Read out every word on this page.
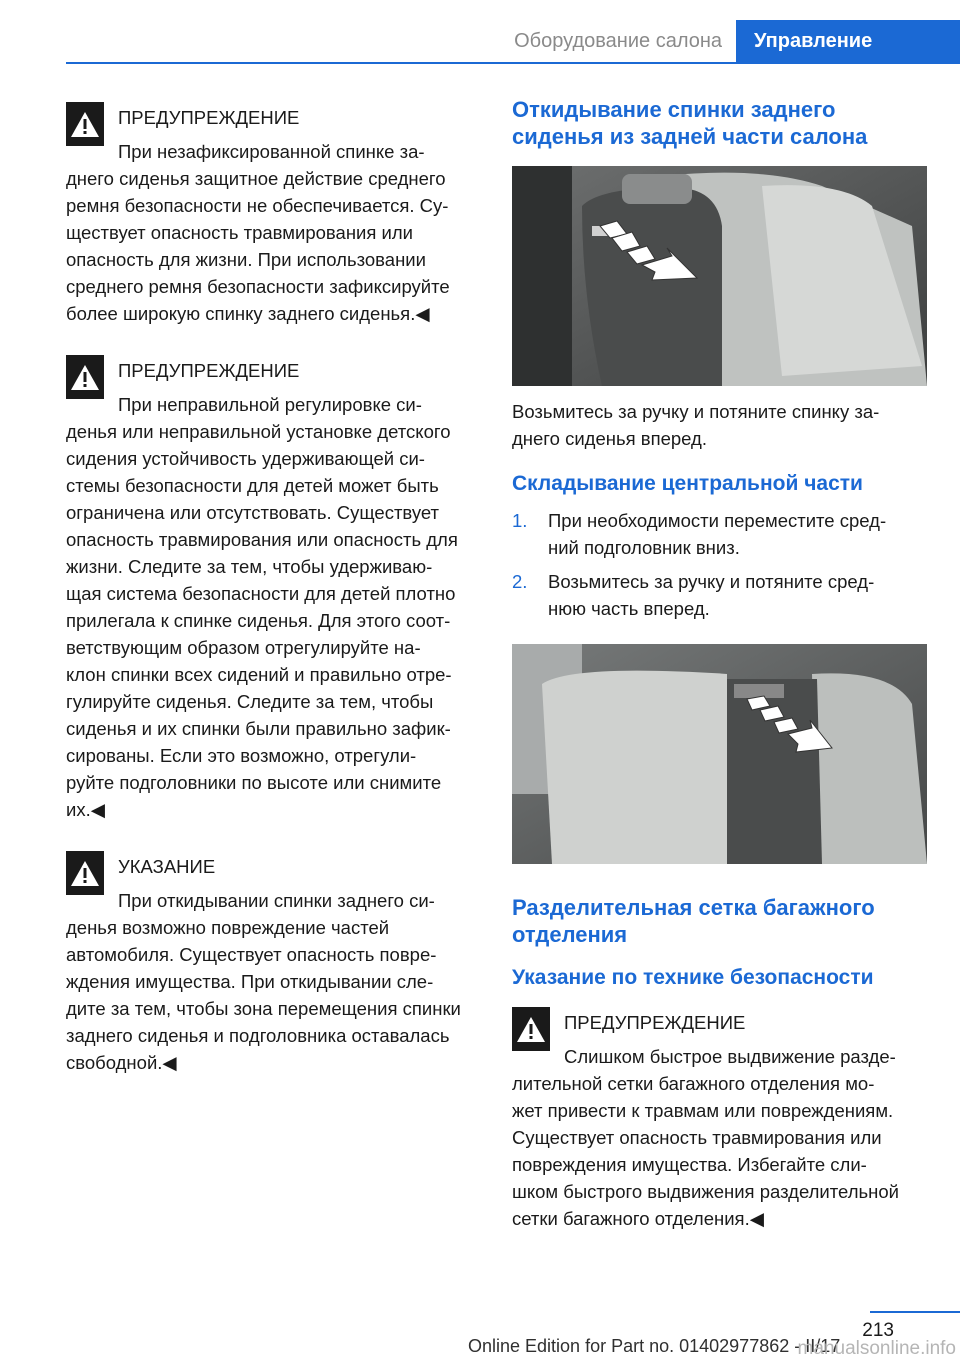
Оборудование салона	Управление

ПРЕДУПРЕЖДЕНИЕ

При незафиксированной спинке за-
днего сиденья защитное действие среднего
ремня безопасности не обеспечивается. Су-
ществует опасность травмирования или
опасность для жизни. При использовании
среднего ремня безопасности зафиксируйте
более широкую спинку заднего сиденья.◀

ПРЕДУПРЕЖДЕНИЕ

При неправильной регулировке си-
денья или неправильной установке детского
сидения устойчивость удерживающей си-
стемы безопасности для детей может быть
ограничена или отсутствовать. Существует
опасность травмирования или опасность для
жизни. Следите за тем, чтобы удерживаю-
щая система безопасности для детей плотно
прилегала к спинке сиденья. Для этого соот-
ветствующим образом отрегулируйте на-
клон спинки всех сидений и правильно отре-
гулируйте сиденья. Следите за тем, чтобы
сиденья и их спинки были правильно зафик-
сированы. Если это возможно, отрегули-
руйте подголовники по высоте или снимите
их.◀

УКАЗАНИЕ

При откидывании спинки заднего си-
денья возможно повреждение частей
автомобиля. Существует опасность повре-
ждения имущества. При откидывании сле-
дите за тем, чтобы зона перемещения спинки
заднего сиденья и подголовника оставалась
свободной.◀

Откидывание спинки заднего
сиденья из задней части салона

Возьмитесь за ручку и потяните спинку за-
днего сиденья вперед.

Складывание центральной части
1. При необходимости переместите сред-
ний подголовник вниз.
2. Возьмитесь за ручку и потяните сред-
нюю часть вперед.
Разделительная сетка багажного
отделения
Указание по технике безопасности

ПРЕДУПРЕЖДЕНИЕ

Слишком быстрое выдвижение разде-
лительной сетки багажного отделения мо-
жет привести к травмам или повреждениям.
Существует опасность травмирования или
повреждения имущества. Избегайте сли-
шком быстрого выдвижения разделительной
сетки багажного отделения.◀

213
Online Edition for Part no. 01402977862 - II/17
manualsonline.info
